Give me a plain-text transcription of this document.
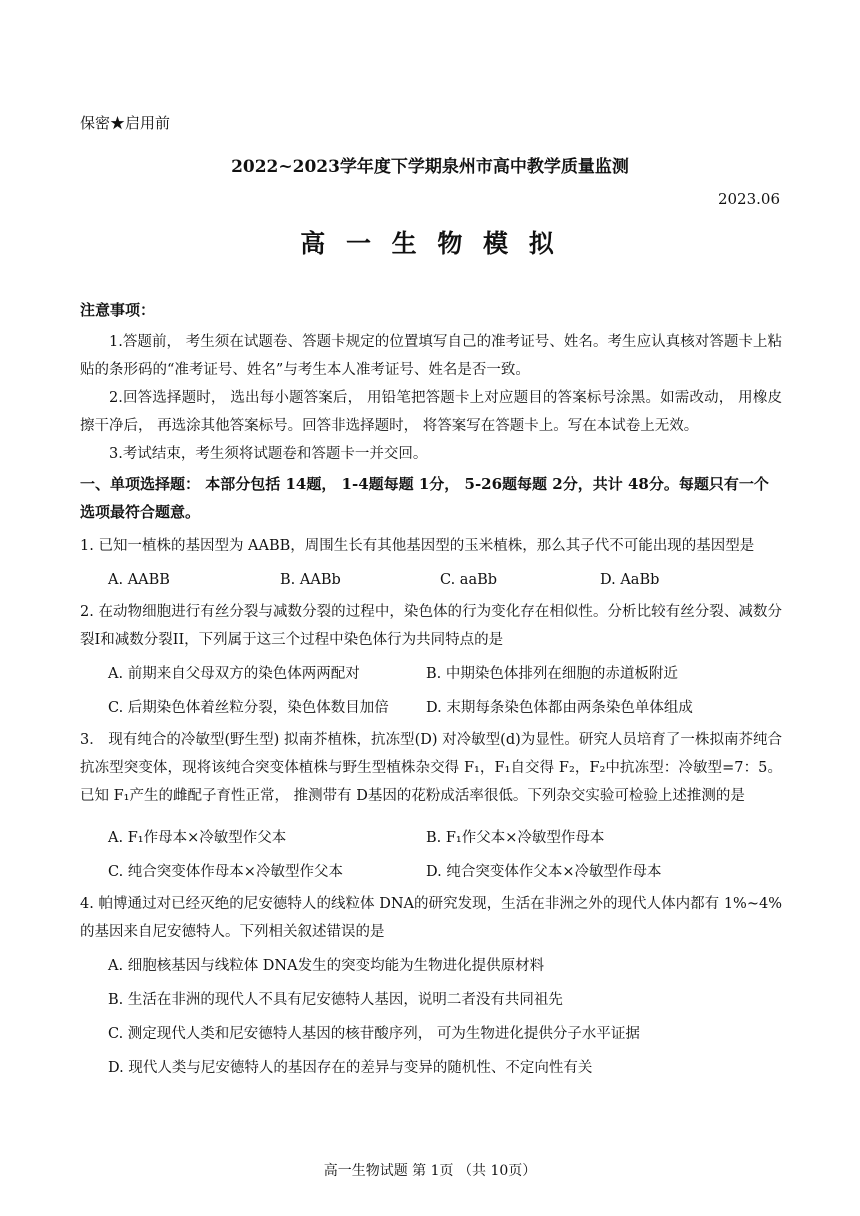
保密★启用前
2022~2023学年度下学期泉州市高中教学质量监测
2023.06
高 一 生 物 模 拟
注意事项：

1.答题前， 考生须在试题卷、答题卡规定的位置填写自己的准考证号、姓名。考生应认真核对答题卡上粘贴的条形码的“准考证号、姓名”与考生本人准考证号、姓名是否一致。

2.回答选择题时， 选出每小题答案后， 用铅笔把答题卡上对应题目的答案标号涂黑。如需改动， 用橡皮擦干净后， 再选涂其他答案标号。回答非选择题时， 将答案写在答题卡上。写在本试卷上无效。

3.考试结束，考生须将试题卷和答题卡一并交回。

一、单项选择题： 本部分包括 14题， 1-4题每题 1分， 5-26题每题 2分，共计 48分。每题只有一个选项最符合题意。

1. 已知一植株的基因型为 AABB，周围生长有其他基因型的玉米植株，那么其子代不可能出现的基因型是

A. AABB	B. AABb	C. aaBb	D. AaBb

2. 在动物细胞进行有丝分裂与减数分裂的过程中，染色体的行为变化存在相似性。分析比较有丝分裂、减数分裂I和减数分裂II，下列属于这三个过程中染色体行为共同特点的是

A. 前期来自父母双方的染色体两两配对	B. 中期染色体排列在细胞的赤道板附近
C. 后期染色体着丝粒分裂，染色体数目加倍	D. 末期每条染色体都由两条染色单体组成

3． 现有纯合的冷敏型(野生型) 拟南芥植株，抗冻型(D) 对冷敏型(d)为显性。研究人员培育了一株拟南芥纯合抗冻型突变体，现将该纯合突变体植株与野生型植株杂交得 F₁，F₁自交得 F₂，F₂中抗冻型：冷敏型=7：5。已知 F₁产生的雌配子育性正常， 推测带有 D基因的花粉成活率很低。下列杂交实验可检验上述推测的是

A. F₁作母本×冷敏型作父本	B. F₁作父本×冷敏型作母本
C. 纯合突变体作母本×冷敏型作父本	D. 纯合突变体作父本×冷敏型作母本

4. 帕博通过对已经灭绝的尼安德特人的线粒体 DNA的研究发现，生活在非洲之外的现代人体内都有 1%~4%的基因来自尼安德特人。下列相关叙述错误的是

A. 细胞核基因与线粒体 DNA发生的突变均能为生物进化提供原材料
B. 生活在非洲的现代人不具有尼安德特人基因，说明二者没有共同祖先
C. 测定现代人类和尼安德特人基因的核苷酸序列， 可为生物进化提供分子水平证据
D. 现代人类与尼安德特人的基因存在的差异与变异的随机性、不定向性有关
高一生物试题 第 1页 （共 10页）
